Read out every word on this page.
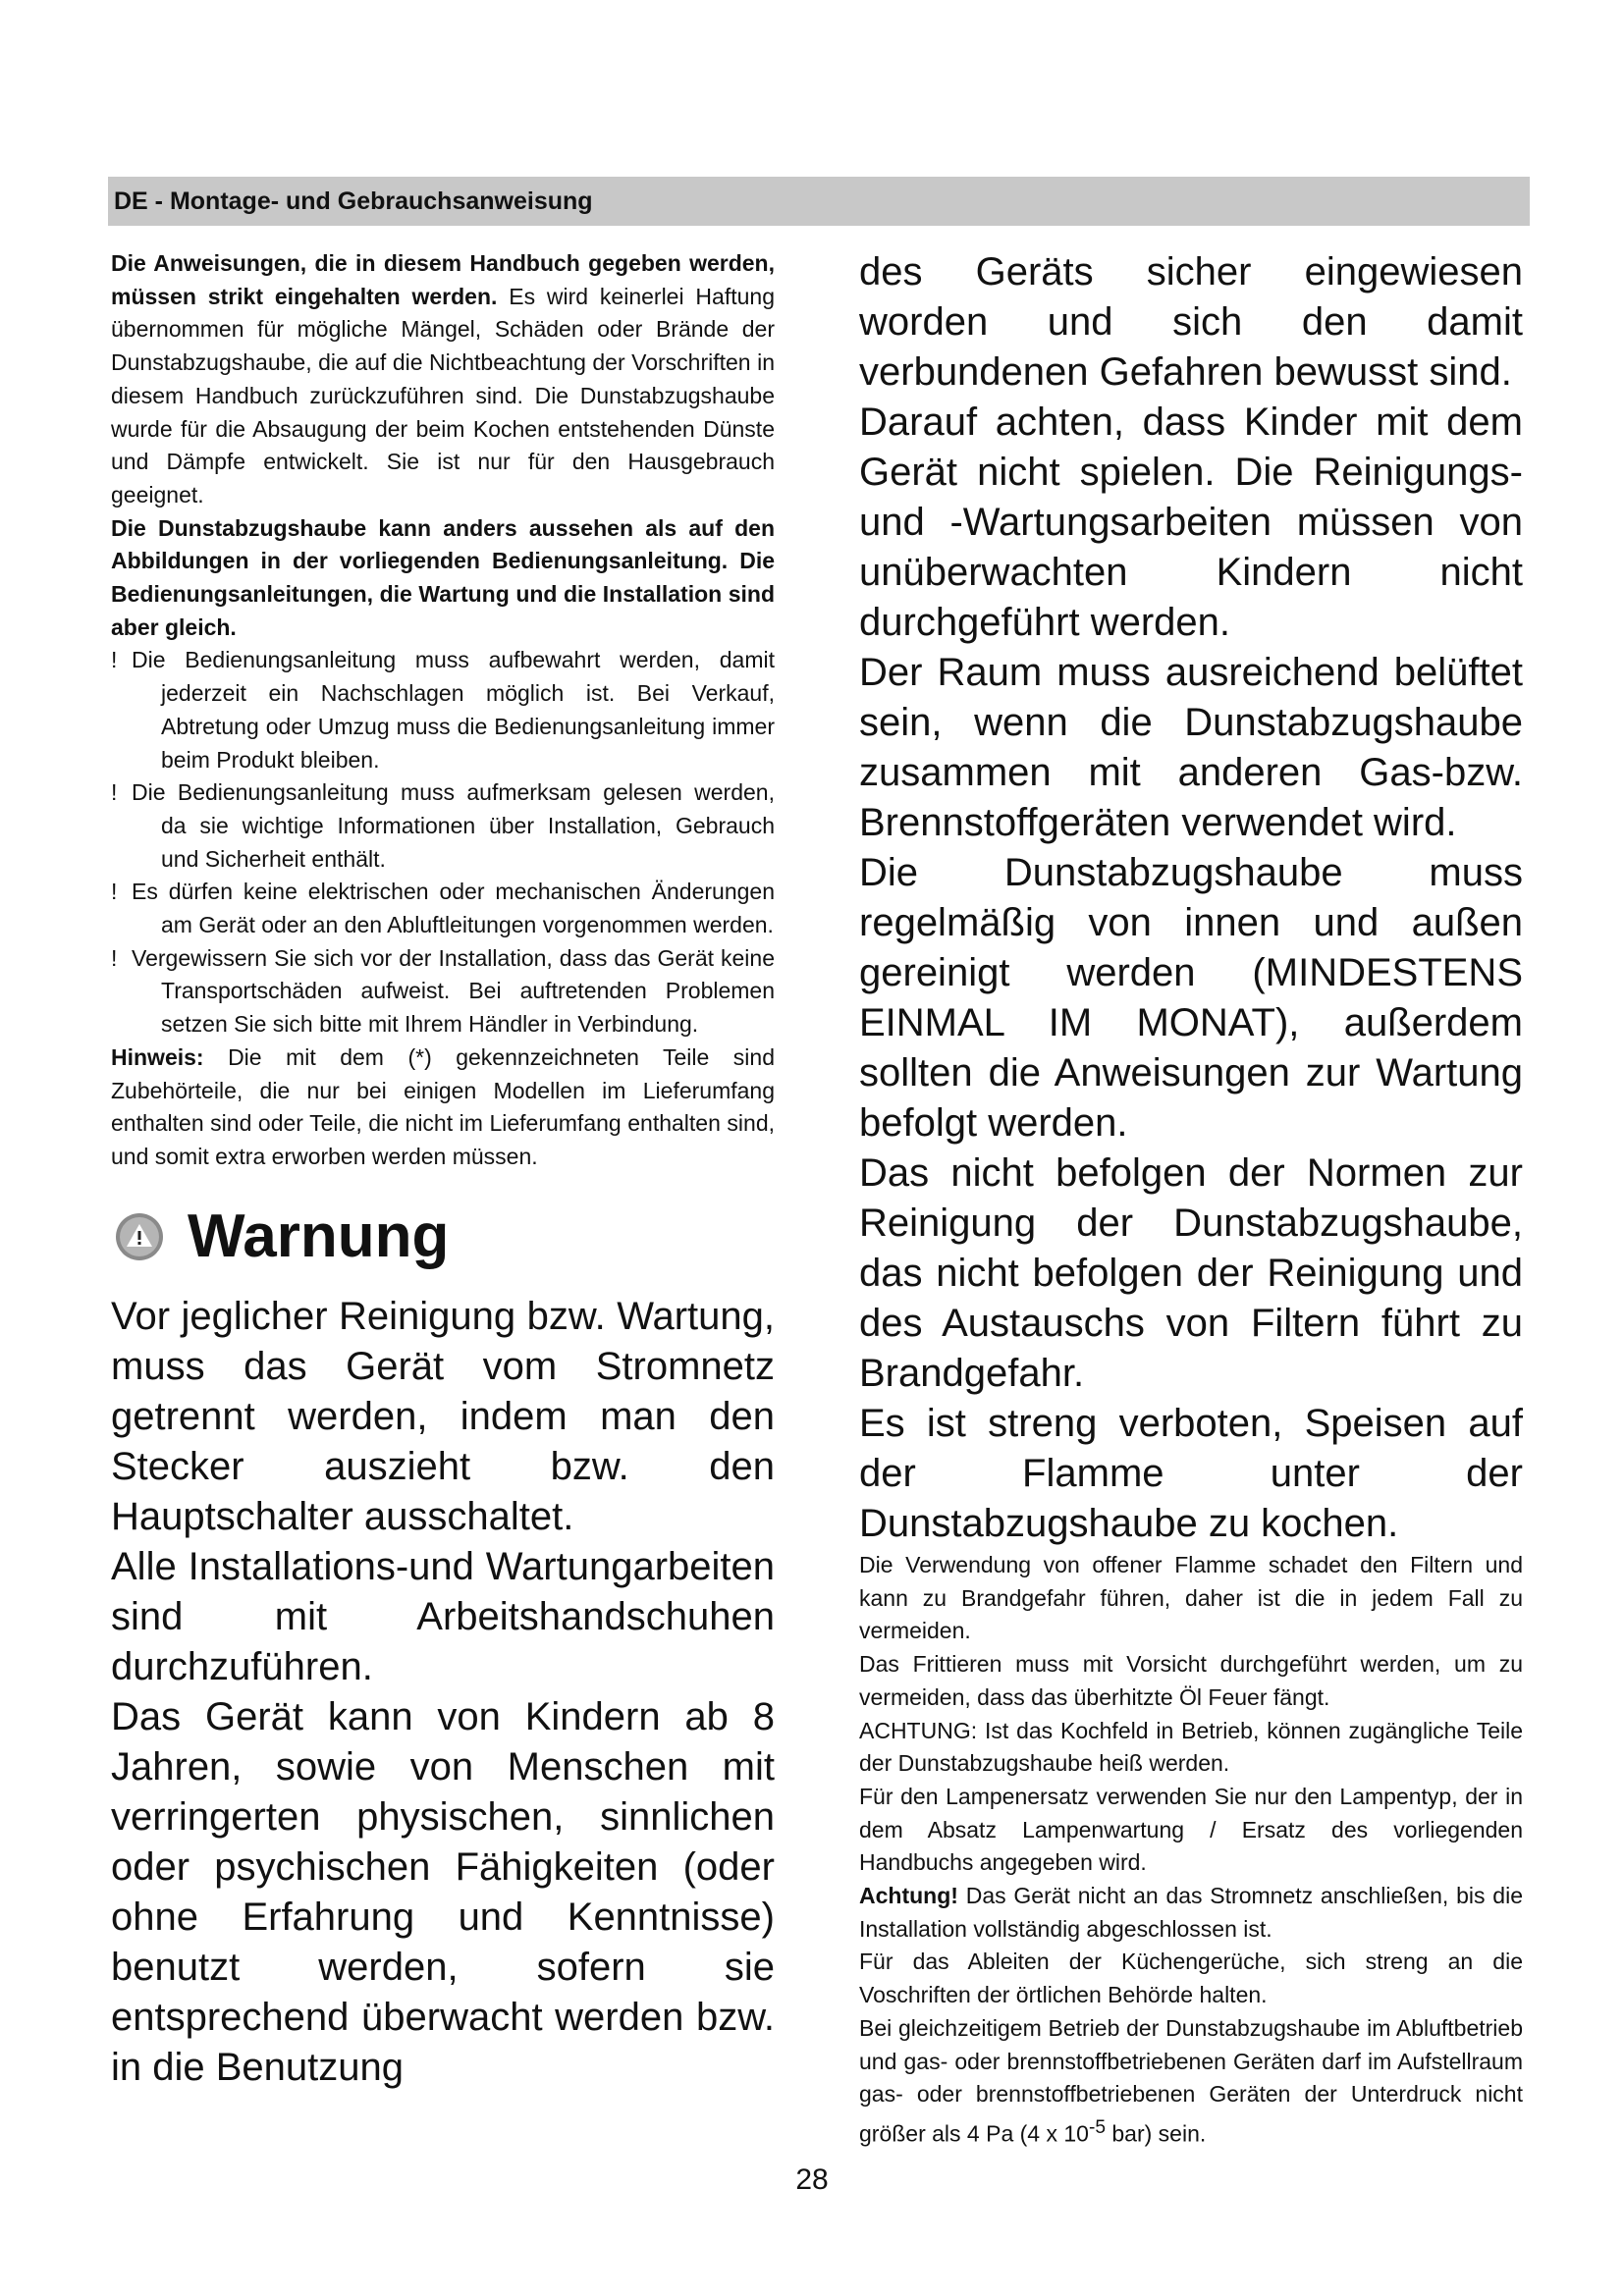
DE - Montage- und Gebrauchsanweisung

Die Anweisungen, die in diesem Handbuch gegeben werden, müssen strikt eingehalten werden. Es wird keinerlei Haftung übernommen für mögliche Mängel, Schäden oder Brände der Dunstabzugshaube, die auf die Nichtbeachtung der Vorschriften in diesem Handbuch zurückzuführen sind. Die Dunstabzugshaube wurde für die Absaugung der beim Kochen entstehenden Dünste und Dämpfe entwickelt. Sie ist nur für den Hausgebrauch geeignet.

Die Dunstabzugshaube kann anders aussehen als auf den Abbildungen in der vorliegenden Bedienungsanleitung. Die Bedienungsanleitungen, die Wartung und die Installation sind aber gleich.

! Die Bedienungsanleitung muss aufbewahrt werden, damit jederzeit ein Nachschlagen möglich ist. Bei Verkauf, Abtretung oder Umzug muss die Bedienungsanleitung immer beim Produkt bleiben.

! Die Bedienungsanleitung muss aufmerksam gelesen werden, da sie wichtige Informationen über Installation, Gebrauch und Sicherheit enthält.

! Es dürfen keine elektrischen oder mechanischen Änderungen am Gerät oder an den Abluftleitungen vorgenommen werden.

! Vergewissern Sie sich vor der Installation, dass das Gerät keine Transportschäden aufweist. Bei auftretenden Problemen setzen Sie sich bitte mit Ihrem Händler in Verbindung.

Hinweis: Die mit dem (*) gekennzeichneten Teile sind Zubehörteile, die nur bei einigen Modellen im Lieferumfang enthalten sind oder Teile, die nicht im Lieferumfang enthalten sind, und somit extra erworben werden müssen.

Warnung

Vor jeglicher Reinigung bzw. Wartung, muss das Gerät vom Stromnetz getrennt werden, indem man den Stecker auszieht bzw. den Hauptschalter ausschaltet.

Alle Installations-und Wartungarbeiten sind mit Arbeitshandschuhen durchzuführen.

Das Gerät kann von Kindern ab 8 Jahren, sowie von Menschen mit verringerten physischen, sinnlichen oder psychischen Fähigkeiten (oder ohne Erfahrung und Kenntnisse) benutzt werden, sofern sie entsprechend überwacht werden bzw. in die Benutzung

des Geräts sicher eingewiesen worden und sich den damit verbundenen Gefahren bewusst sind.

Darauf achten, dass Kinder mit dem Gerät nicht spielen. Die Reinigungs- und -Wartungsarbeiten müssen von unüberwachten Kindern nicht durchgeführt werden.

Der Raum muss ausreichend belüftet sein, wenn die Dunstabzugshaube zusammen mit anderen Gas-bzw. Brennstoffgeräten verwendet wird.

Die Dunstabzugshaube muss regelmäßig von innen und außen gereinigt werden (MINDESTENS EINMAL IM MONAT), außerdem sollten die Anweisungen zur Wartung befolgt werden.

Das nicht befolgen der Normen zur Reinigung der Dunstabzugshaube, das nicht befolgen der Reinigung und des Austauschs von Filtern führt zu Brandgefahr.

Es ist streng verboten, Speisen auf der Flamme unter der Dunstabzugshaube zu kochen.

Die Verwendung von offener Flamme schadet den Filtern und kann zu Brandgefahr führen, daher ist die in jedem Fall zu vermeiden.

Das Frittieren muss mit Vorsicht durchgeführt werden, um zu vermeiden, dass das überhitzte Öl Feuer fängt.

ACHTUNG: Ist das Kochfeld in Betrieb, können zugängliche Teile der Dunstabzugshaube heiß werden.

Für den Lampenersatz verwenden Sie nur den Lampentyp, der in dem Absatz Lampenwartung / Ersatz des vorliegenden Handbuchs angegeben wird.

Achtung! Das Gerät nicht an das Stromnetz anschließen, bis die Installation vollständig abgeschlossen ist.

Für das Ableiten der Küchengerüche, sich streng an die Voschriften der örtlichen Behörde halten.

Bei gleichzeitigem Betrieb der Dunstabzugshaube im Abluftbetrieb und gas- oder brennstoffbetriebenen Geräten darf im Aufstellraum gas- oder brennstoffbetriebenen Geräten der Unterdruck nicht größer als 4 Pa (4 x $10^{-5}$ bar) sein.

28
